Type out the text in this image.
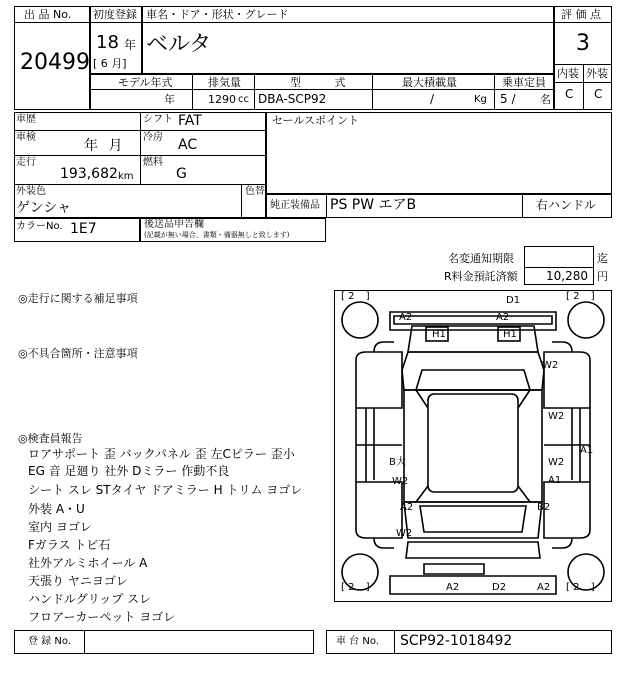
出 品 No.
20499
初度登録
18 年
[ 6 月]
車名・ドア・形状・グレード
ベルタ
評 価 点
3
内装 外装
C C
モデル年式	排気量	型 式	最大積載量	乗車定員
年	1290 cc DBA-SCP92	/	Kg 5 / 名
車歴	シフト FAT
車検
年 月
冷房 AC
走行
193,682 km
燃料
G
外装色	色替
ゲンシャ
セールスポイント
純正装備品 PS PW エアB	右ハンドル
カラーNo. 1E7	後送品申告欄
(記載が無い場合、書類・備器無しと致します)
名変通知期限	迄
R料金預託済額 10,280 円
◎走行に関する補足事項
◎不具合箇所・注意事項
◎検査員報告
ロアサポート 歪 バックパネル 歪 左Cピラー 歪小
EG 音 足廻り 社外 Dミラー 作動不良
シート スレ STタイヤ ドアミラー H トリム ヨゴレ
外装 A・U
室内 ヨゴレ
Fガラス トビ石
社外アルミホイール A
天張り ヤニヨゴレ
ハンドルグリップ スレ
フロアーカーペット ヨゴレ
[ 2   ]	[ 2   ]
[ 2   ]	[ 2   ]
D1
A2	A2
H1	H1
W2
W2
A1
B大	W2
W2	A1
A2	B2
W2
A2	D2	A2
登 録 No.	車 台 No. SCP92-1018492
